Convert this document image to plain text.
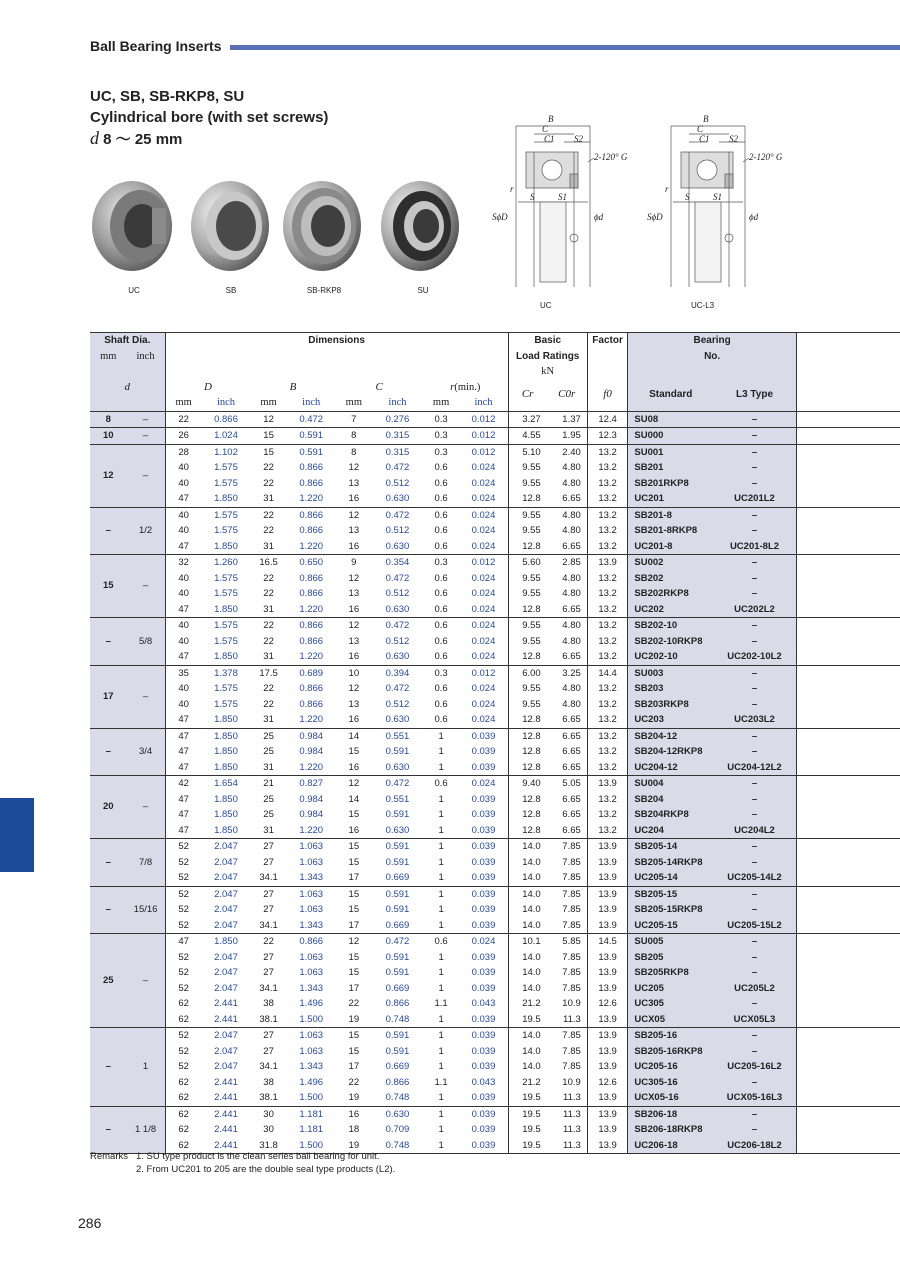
Ball Bearing Inserts
UC, SB, SB-RKP8, SU
Cylindrical bore (with set screws)
d 8 ～ 25 mm
UC	SB	SB-RKP8	SU
B
C
C1 S2
2-120° G
r
S	S1
SϕD	ϕd
UC
B
C
C1 S2
2-120° G
r
S	S1
SϕD	ϕd
UC-L3
Shaft Dia.		Dimensions								Basic		Factor	Bearing		
mm	inch									Load Ratings			No.		
										kN					
d		D		B		C		r(min.)		Cr	C0r	f0	Standard	L3 Type	
		mm	inch	mm	inch	mm	inch	mm	inch						
8	–	22	0.866	12	0.472	7	0.276	0.3	0.012	3.27	1.37	12.4	SU08	–	
10	–	26	1.024	15	0.591	8	0.315	0.3	0.012	4.55	1.95	12.3	SU000	–	
12	–	28	1.102	15	0.591	8	0.315	0.3	0.012	5.10	2.40	13.2	SU001	–	
		40	1.575	22	0.866	12	0.472	0.6	0.024	9.55	4.80	13.2	SB201	–	
		40	1.575	22	0.866	13	0.512	0.6	0.024	9.55	4.80	13.2	SB201RKP8	–	
		47	1.850	31	1.220	16	0.630	0.6	0.024	12.8	6.65	13.2	UC201	UC201L2	
–	1/2	40	1.575	22	0.866	12	0.472	0.6	0.024	9.55	4.80	13.2	SB201-8	–	
		40	1.575	22	0.866	13	0.512	0.6	0.024	9.55	4.80	13.2	SB201-8RKP8	–	
		47	1.850	31	1.220	16	0.630	0.6	0.024	12.8	6.65	13.2	UC201-8	UC201-8L2	
15	–	32	1.260	16.5	0.650	9	0.354	0.3	0.012	5.60	2.85	13.9	SU002	–	
		40	1.575	22	0.866	12	0.472	0.6	0.024	9.55	4.80	13.2	SB202	–	
		40	1.575	22	0.866	13	0.512	0.6	0.024	9.55	4.80	13.2	SB202RKP8	–	
		47	1.850	31	1.220	16	0.630	0.6	0.024	12.8	6.65	13.2	UC202	UC202L2	
–	5/8	40	1.575	22	0.866	12	0.472	0.6	0.024	9.55	4.80	13.2	SB202-10	–	
		40	1.575	22	0.866	13	0.512	0.6	0.024	9.55	4.80	13.2	SB202-10RKP8	–	
		47	1.850	31	1.220	16	0.630	0.6	0.024	12.8	6.65	13.2	UC202-10	UC202-10L2	
17	–	35	1.378	17.5	0.689	10	0.394	0.3	0.012	6.00	3.25	14.4	SU003	–	
		40	1.575	22	0.866	12	0.472	0.6	0.024	9.55	4.80	13.2	SB203	–	
		40	1.575	22	0.866	13	0.512	0.6	0.024	9.55	4.80	13.2	SB203RKP8	–	
		47	1.850	31	1.220	16	0.630	0.6	0.024	12.8	6.65	13.2	UC203	UC203L2	
–	3/4	47	1.850	25	0.984	14	0.551	1	0.039	12.8	6.65	13.2	SB204-12	–	
		47	1.850	25	0.984	15	0.591	1	0.039	12.8	6.65	13.2	SB204-12RKP8	–	
		47	1.850	31	1.220	16	0.630	1	0.039	12.8	6.65	13.2	UC204-12	UC204-12L2	
20	–	42	1.654	21	0.827	12	0.472	0.6	0.024	9.40	5.05	13.9	SU004	–	
		47	1.850	25	0.984	14	0.551	1	0.039	12.8	6.65	13.2	SB204	–	
		47	1.850	25	0.984	15	0.591	1	0.039	12.8	6.65	13.2	SB204RKP8	–	
		47	1.850	31	1.220	16	0.630	1	0.039	12.8	6.65	13.2	UC204	UC204L2	
–	7/8	52	2.047	27	1.063	15	0.591	1	0.039	14.0	7.85	13.9	SB205-14	–	
		52	2.047	27	1.063	15	0.591	1	0.039	14.0	7.85	13.9	SB205-14RKP8	–	
		52	2.047	34.1	1.343	17	0.669	1	0.039	14.0	7.85	13.9	UC205-14	UC205-14L2	
–	15/16	52	2.047	27	1.063	15	0.591	1	0.039	14.0	7.85	13.9	SB205-15	–	
		52	2.047	27	1.063	15	0.591	1	0.039	14.0	7.85	13.9	SB205-15RKP8	–	
		52	2.047	34.1	1.343	17	0.669	1	0.039	14.0	7.85	13.9	UC205-15	UC205-15L2	
25	–	47	1.850	22	0.866	12	0.472	0.6	0.024	10.1	5.85	14.5	SU005	–	
		52	2.047	27	1.063	15	0.591	1	0.039	14.0	7.85	13.9	SB205	–	
		52	2.047	27	1.063	15	0.591	1	0.039	14.0	7.85	13.9	SB205RKP8	–	
		52	2.047	34.1	1.343	17	0.669	1	0.039	14.0	7.85	13.9	UC205	UC205L2	
		62	2.441	38	1.496	22	0.866	1.1	0.043	21.2	10.9	12.6	UC305	–	
		62	2.441	38.1	1.500	19	0.748	1	0.039	19.5	11.3	13.9	UCX05	UCX05L3	
–	1	52	2.047	27	1.063	15	0.591	1	0.039	14.0	7.85	13.9	SB205-16	–	
		52	2.047	27	1.063	15	0.591	1	0.039	14.0	7.85	13.9	SB205-16RKP8	–	
		52	2.047	34.1	1.343	17	0.669	1	0.039	14.0	7.85	13.9	UC205-16	UC205-16L2	
		62	2.441	38	1.496	22	0.866	1.1	0.043	21.2	10.9	12.6	UC305-16	–	
		62	2.441	38.1	1.500	19	0.748	1	0.039	19.5	11.3	13.9	UCX05-16	UCX05-16L3	
–	1 1/8	62	2.441	30	1.181	16	0.630	1	0.039	19.5	11.3	13.9	SB206-18	–	
		62	2.441	30	1.181	18	0.709	1	0.039	19.5	11.3	13.9	SB206-18RKP8	–	
		62	2.441	31.8	1.500	19	0.748	1	0.039	19.5	11.3	13.9	UC206-18	UC206-18L2	

Remarks 1. SU type product is the clean series ball bearing for unit.
2. From UC201 to 205 are the double seal type products (L2).
286
